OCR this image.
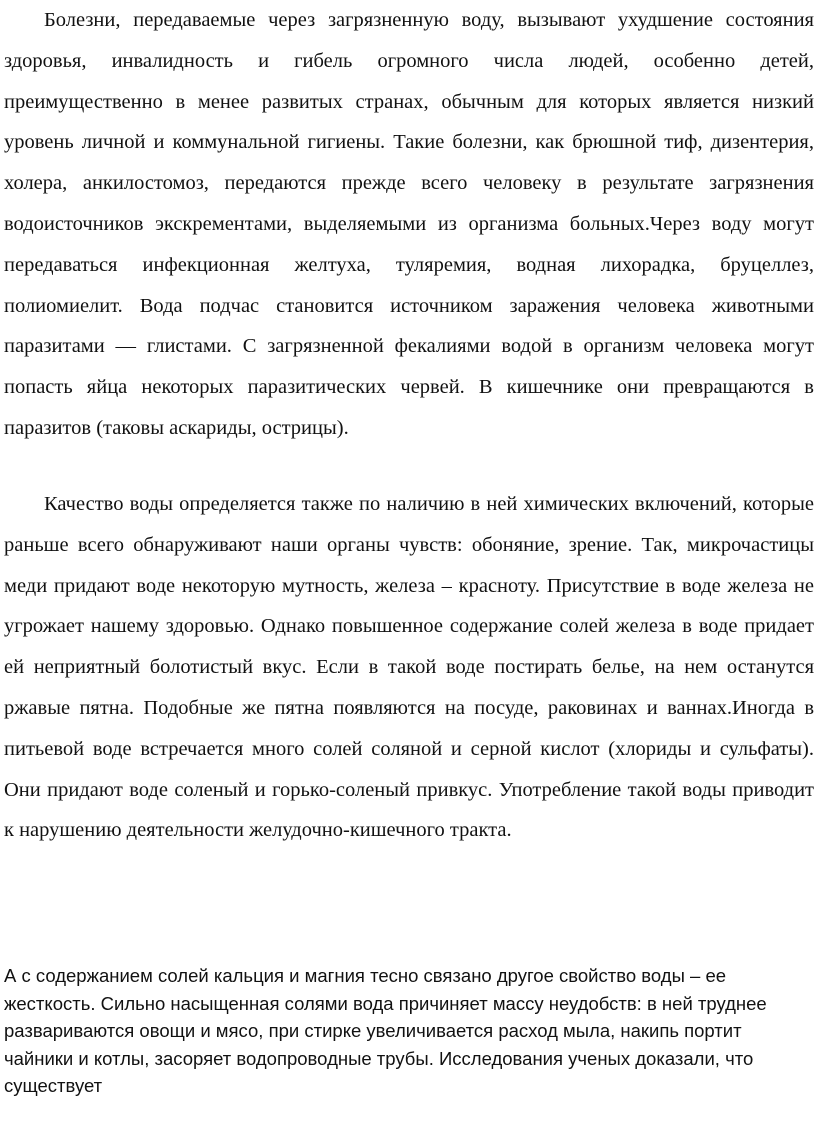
Болезни, передаваемые через загрязненную воду, вызывают ухудшение состояния здоровья, инвалидность и гибель огромного числа людей, особенно детей, преимущественно в менее развитых странах, обычным для которых является низкий уровень личной и коммунальной гигиены. Такие болезни, как брюшной тиф, дизентерия, холера, анкилостомоз, передаются прежде всего человеку в результате загрязнения водоисточников экскрементами, выделяемыми из организма больных.Через воду могут передаваться инфекционная желтуха, туляремия, водная лихорадка, бруцеллез, полиомиелит. Вода подчас становится источником заражения человека животными паразитами — глистами. С загрязненной фекалиями водой в организм человека могут попасть яйца некоторых паразитических червей. В кишечнике они превращаются в паразитов (таковы аскариды, острицы).

Качество воды определяется также по наличию в ней химических включений, которые раньше всего обнаруживают наши органы чувств: обоняние, зрение. Так, микрочастицы меди придают воде некоторую мутность, железа – красноту. Присутствие в воде железа не угрожает нашему здоровью. Однако повышенное содержание солей железа в воде придает ей неприятный болотистый вкус. Если в такой воде постирать белье, на нем останутся ржавые пятна. Подобные же пятна появляются на посуде, раковинах и ваннах.Иногда в питьевой воде встречается много солей соляной и серной кислот (хлориды и сульфаты). Они придают воде соленый и горько-соленый привкус. Употребление такой воды приводит к нарушению деятельности желудочно-кишечного тракта.

А с содержанием солей кальция и магния тесно связано другое свойство воды – ее жесткость. Сильно насыщенная солями вода причиняет массу неудобств: в ней труднее развариваются овощи и мясо, при стирке увеличивается расход мыла, накипь портит чайники и котлы, засоряет водопроводные трубы. Исследования ученых доказали, что существует
